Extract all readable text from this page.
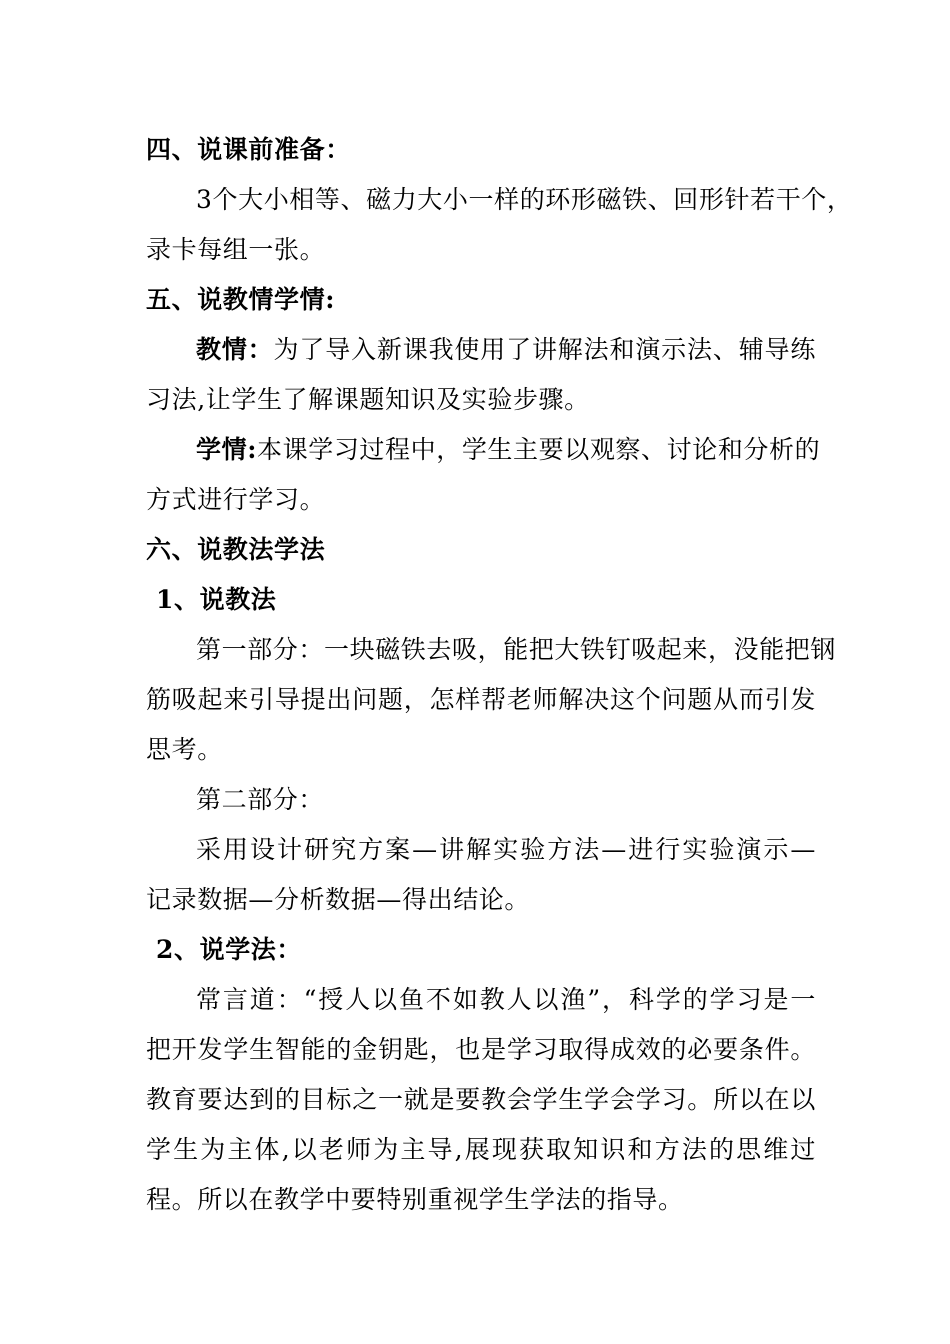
四、说课前准备：
3个大小相等、磁力大小一样的环形磁铁、回形针若干个，
录卡每组一张。
五、说教情学情:
教情：为了导入新课我使用了讲解法和演示法、辅导练
习法,让学生了解课题知识及实验步骤。
学情:本课学习过程中，学生主要以观察、讨论和分析的
方式进行学习。
六、说教法学法
1、说教法
第一部分：一块磁铁去吸，能把大铁钉吸起来，没能把钢
筋吸起来引导提出问题，怎样帮老师解决这个问题从而引发
思考。
第二部分：
采用设计研究方案—讲解实验方法—进行实验演示—
记录数据—分析数据—得出结论。
2、说学法：
常言道：“授人以鱼不如教人以渔”，科学的学习是一
把开发学生智能的金钥匙，也是学习取得成效的必要条件。
教育要达到的目标之一就是要教会学生学会学习。所以在以
学生为主体,以老师为主导,展现获取知识和方法的思维过
程。所以在教学中要特别重视学生学法的指导。
